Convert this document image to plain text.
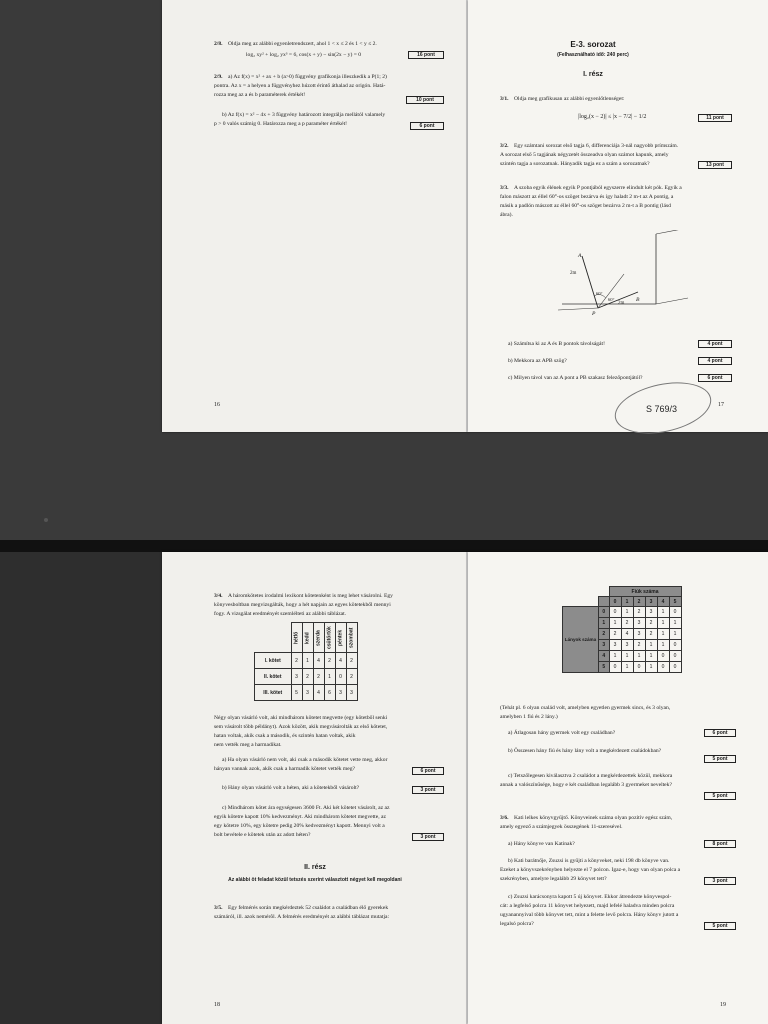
2/8. Oldja meg az alábbi egyenletrendszert, ahol 1 < x ≤ 2 és 1 < y ≤ 2.
log₂ xy² + log₂ yx³ = 6, cos(x + y) − sin(2x − y) = 0	16 pont
2/9. a) Az f(x) = x² + ax + b (a>0) függvény grafikonja illeszkedik a P(1; 2)
pontra. Az x = a helyen a függvényhez húzott érintő áthalad az origón. Hatá-
rozza meg az a és b paraméterek értékét!
10 pont
b) Az f(x) = x² − 4x + 3 függvény határozott integrálja mellától valamely
p > 0 valós számig 0. Határozza meg a p paraméter értékét!	6 pont
16
E-3. sorozat
(Felhasználható idő: 240 perc)
I. rész
3/1. Oldja meg grafikusan az alábbi egyenlőtlenséget:
|log₂(x − 2)| ≤ |x − 7/2| − 1/2	11 pont
3/2. Egy számtani sorozat első tagja 6, differenciája 3-nál nagyobb prímszám.
A sorozat első 5 tagjának négyzetét összeadva olyan számot kapunk, amely
szintén tagja a sorozatnak. Hányadik tagja ez a szám a sorozatnak?	13 pont
3/3. A szoba egyik élének egyik P pontjából egyszerre elindult két pók. Egyik a
falon mászott az éllel 60°-os szöget bezárva és így haladt 2 m-t az A pontig, a
másik a padlón mászott az éllel 60°-os szöget bezárva 2 m-t a B pontig (lásd
ábra).
A
B
P
2m
2m
60°
60°
a) Számítsa ki az A és B pontok távolságát!	4 pont
b) Mekkora az APB szög?	4 pont
c) Milyen távol van az A pont a PB szakasz felezőpontjától?	6 pont
17
S 769/3
3/4. A háromkötetes irodalmi lexikont kötetenként is meg lehet vásárolni. Egy
könyvesboltban megvizsgálták, hogy a hét napjain az egyes kötetekből mennyi
fogy. A vizsgálat eredményét szemlélteti az alábbi táblázat.
	hétfő	kedd	szerda	csütörtök	péntek	szombat
I. kötet	2	1	4	2	4	2
II. kötet	3	2	2	1	0	2
III. kötet	5	3	4	6	3	3
Négy olyan vásárló volt, aki mindhárom kötetet megvette (egy kötetből senki
sem vásárolt több példányt). Azok között, akik megvásárolták az első kötetet,
hatan voltak, akik csak a második, és szintén hatan voltak, akik
nem vették meg a harmadikat.
a) Ha olyan vásárló nem volt, aki csak a második kötetet vette meg, akkor
hányan vannak azok, akik csak a harmadik kötetet vették meg?	6 pont
b) Hány olyan vásárló volt a héten, aki a kötetekből vásárolt?	3 pont
c) Mindhárom kötet ára egységesen 3600 Ft. Aki két kötetet vásárolt, az az
egyik kötetre kapott 10% kedvezményt. Aki mindhárom kötetet megvette, az
egy kötetre 10%, egy kötetre pedig 20% kedvezményt kapott. Mennyi volt a
bolt bevétele e kötetek után az adott héten?	3 pont
II. rész
Az alábbi öt feladat közül tetszés szerint választott négyet kell megoldani
3/5. Egy felmérés során megkérdeztek 52 családot a családban élő gyerekek
számáról, ill. azok nemérõl. A felmérés eredményét az alábbi táblázat mutatja:
18
		Fiúk száma					
		0	1	2	3	4	5
Lányok száma	0	0	1	2	3	1	0
	1	1	2	3	2	1	1
	2	2	4	3	2	1	1
	3	3	3	2	1	1	0
	4	1	1	1	1	0	0
	5	0	1	0	1	0	0
(Tehát pl. 6 olyan család volt, amelyben egyetlen gyermek sincs, és 3 olyan,
amelyben 1 fiú és 2 lány.)
a) Átlagosan hány gyermek volt egy családban?	6 pont
b) Összesen hány fiú és hány lány volt a megkérdezett családokban?
5 pont
c) Tetszőlegesen kiválasztva 2 családot a megkérdezettek közül, mekkora
annak a valószínűsége, hogy e két családban legalább 3 gyermeket neveltek?
5 pont
3/6. Kati lelkes könyvgyűjtő. Könyveinek száma olyan pozitív egész szám,
amely egyező a számjegyek összegének 11-szeresével.
a) Hány könyve van Katinak?	8 pont
b) Kati barátnője, Zsuzsi is gyűjti a könyveket, neki 198 db könyve van.
Ezeket a könyvszekrényben helyezte el 7 polcon. Igaz-e, hogy van olyan polca a
szekrényben, amelyre legalább 29 könyvet tett?	3 pont
c) Zsuzsi karácsonyra kapott 5 új könyvet. Ekkor átrendezte könyvespol-
cát: a legfelső polcra 11 könyvet helyezett, majd lefelé haladva minden polcra
ugyanannyival több könyvet tett, mint a felette levő polcra. Hány könyv jutott a
legalsó polcra?	5 pont
19
